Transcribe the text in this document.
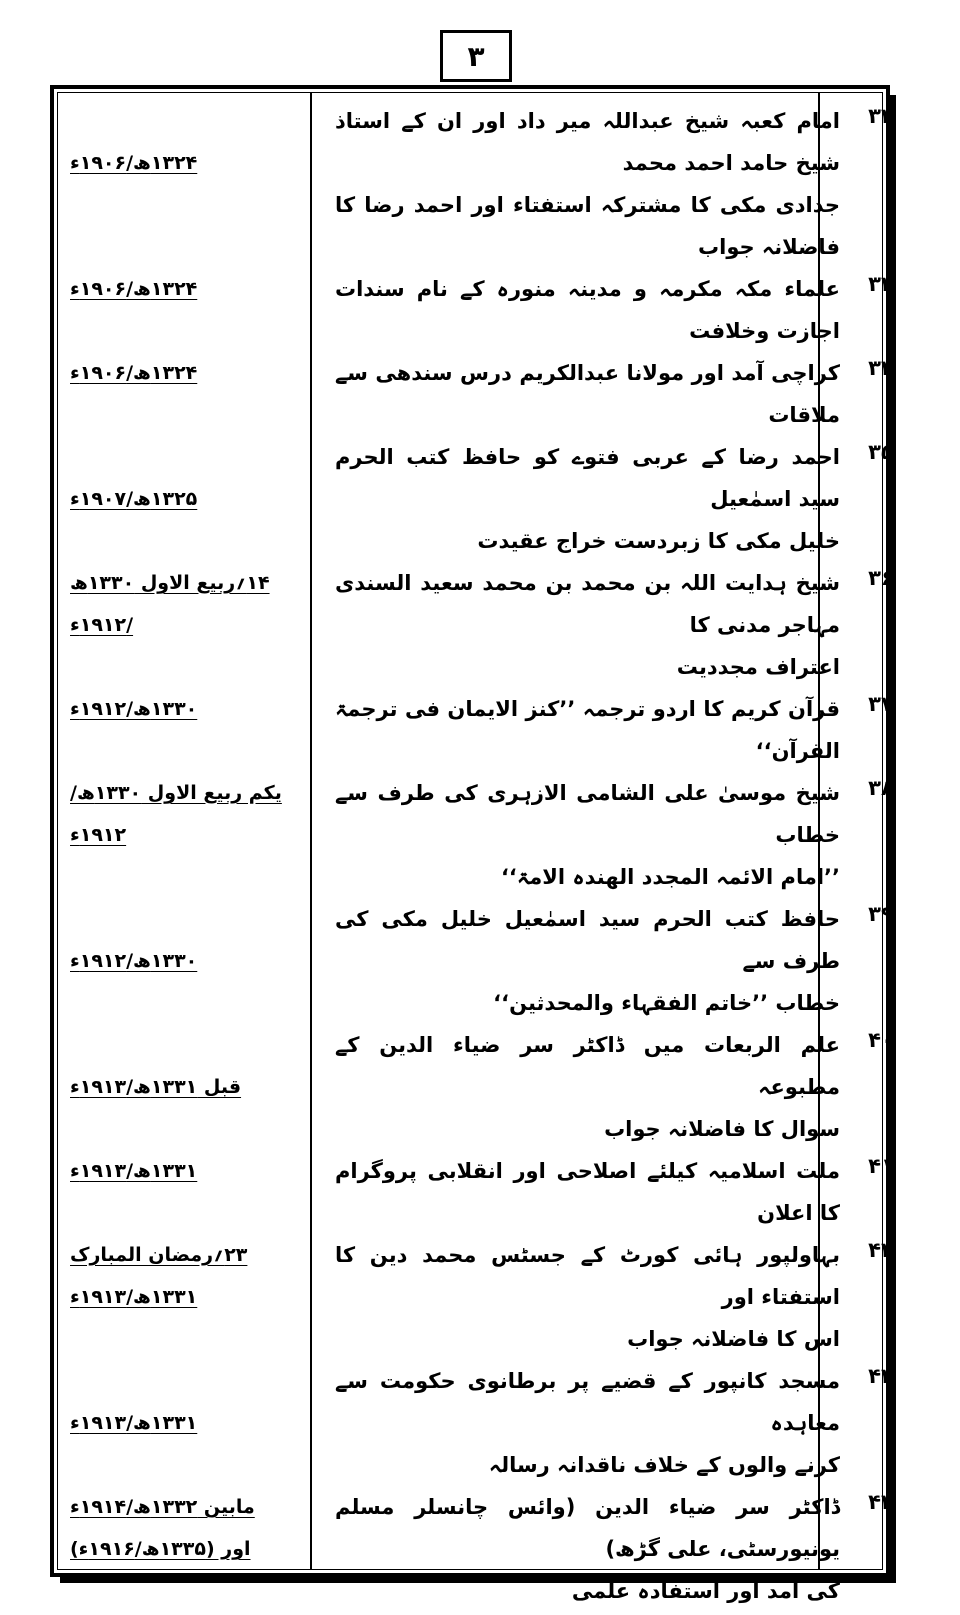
۳
۳۲	امام کعبہ شیخ عبداللہ میر داد اور ان کے استاذ شیخ حامد احمد محمد
جدادی مکی کا مشترکہ استفتاء اور احمد رضا کا فاضلانہ جواب	۱۳۲۴ھ/۱۹۰۶ء

۳۳	علماء مکہ مکرمہ و مدینہ منورہ کے نام سندات اجازت وخلافت	۱۳۲۴ھ/۱۹۰۶ء

۳۴	کراچی آمد اور مولانا عبدالکریم درس سندھی سے ملاقات	۱۳۲۴ھ/۱۹۰۶ء

۳۵	احمد رضا کے عربی فتوے کو حافظ کتب الحرم سید اسمٰعیل
خلیل مکی کا زبردست خراج عقیدت	۱۳۲۵ھ/۱۹۰۷ء

۳۶	شیخ ہدایت اللہ بن محمد بن محمد سعید السندی مہاجر مدنی کا
اعتراف مجددیت	۱۴؍ربیع الاول ۱۳۳۰ھ
/۱۹۱۲ء

۳۷	قرآن کریم کا اردو ترجمہ ’’کنز الایمان فی ترجمۃ القرآن‘‘	۱۳۳۰ھ/۱۹۱۲ء

۳۸	شیخ موسیٰ علی الشامی الازہری کی طرف سے خطاب
’’امام الائمہ المجدد الھندہ الامۃ‘‘	یکم ربیع الاول ۱۳۳۰ھ/
۱۹۱۲ء

۳۹	حافظ کتب الحرم سید اسمٰعیل خلیل مکی کی طرف سے
خطاب ’’خاتم الفقہاء والمحدثین‘‘	۱۳۳۰ھ/۱۹۱۲ء

۴۰	علم الربعات میں ڈاکٹر سر ضیاء الدین کے مطبوعہ
سوال کا فاضلانہ جواب	قبل ۱۳۳۱ھ/۱۹۱۳ء

۴۱	ملت اسلامیہ کیلئے اصلاحی اور انقلابی پروگرام کا اعلان	۱۳۳۱ھ/۱۹۱۳ء

۴۲	بہاولپور ہائی کورٹ کے جسٹس محمد دین کا استفتاء اور
اس کا فاضلانہ جواب	۲۳؍رمضان المبارک
۱۳۳۱ھ/۱۹۱۳ء

۴۳	مسجد کانپور کے قضیے پر برطانوی حکومت سے معاہدہ
کرنے والوں کے خلاف ناقدانہ رسالہ	۱۳۳۱ھ/۱۹۱۳ء

۴۴	ڈاکٹر سر ضیاء الدین (وائس چانسلر مسلم یونیورسٹی، علی گڑھ)
کی آمد اور استفادہ علمی	مابین ۱۳۳۲ھ/۱۹۱۴ء
اور (۱۳۳۵ھ/۱۹۱۶ء)
